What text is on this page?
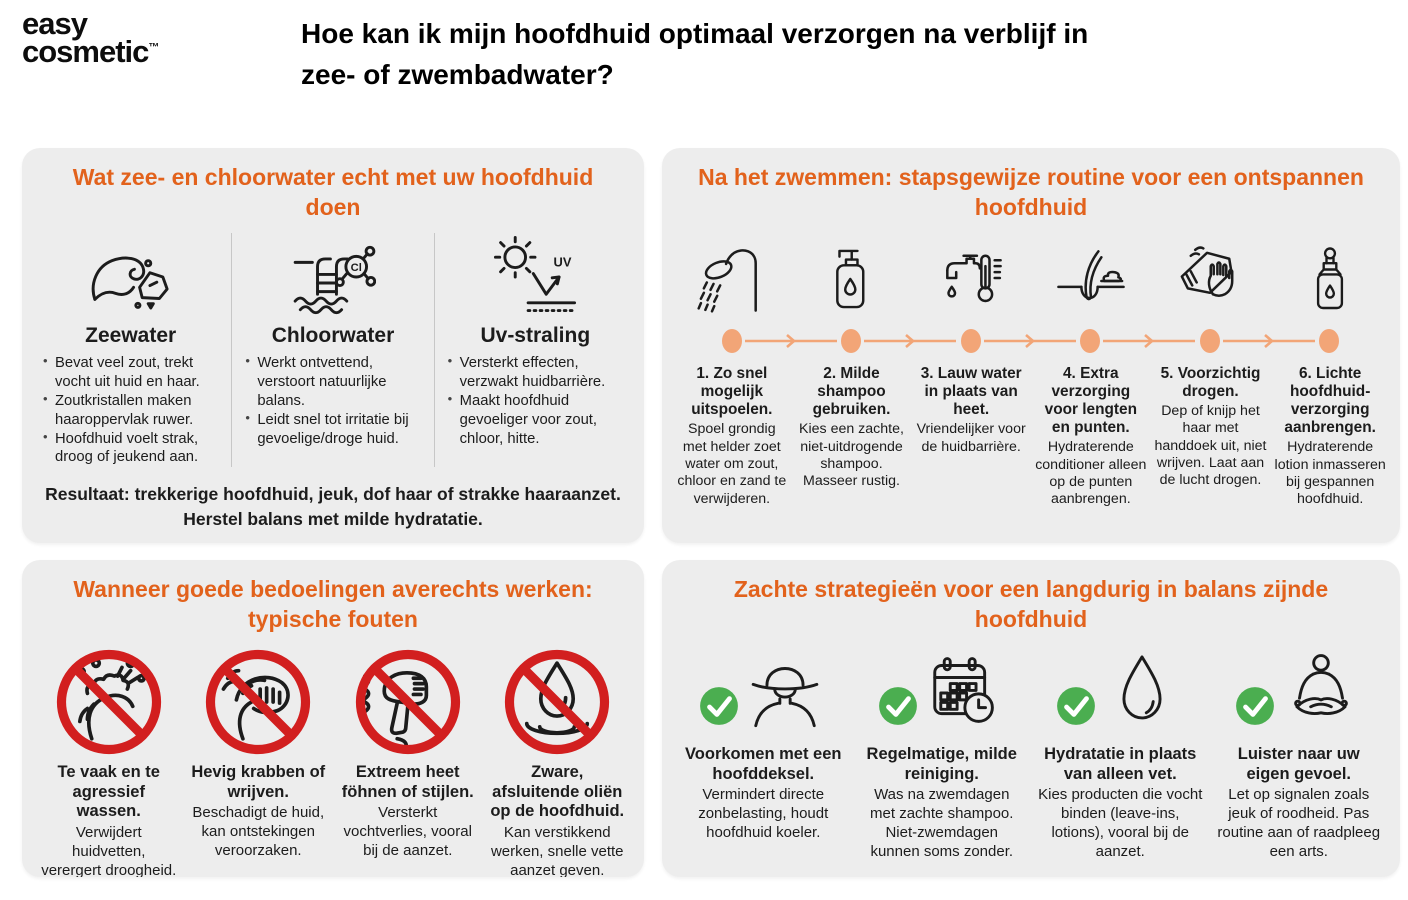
easy
cosmetic™	Hoe kan ik mijn hoofdhuid optimaal verzorgen na verblijf in
zee- of zwembadwater?
Wat zee- en chloorwater echt met uw hoofdhuid doen
Zeewater
• Bevat veel zout, trekt vocht uit huid en haar.
• Zoutkristallen maken haaroppervlak ruwer.
• Hoofdhuid voelt strak, droog of jeukend aan.
Cl
Chloorwater
• Werkt ontvettend, verstoort natuurlijke balans.
• Leidt snel tot irritatie bij gevoelige/droge huid.
UV
Uv-straling
• Versterkt effecten, verzwakt huidbarrière.
• Maakt hoofdhuid gevoeliger voor zout, chloor, hitte.
Resultaat: trekkerige hoofdhuid, jeuk, dof haar of strakke haaraanzet.
Herstel balans met milde hydratatie.
Na het zwemmen: stapsgewijze routine voor een ontspannen hoofdhuid
1. Zo snel mogelijk uitspoelen.
Spoel grondig met helder zoet water om zout, chloor en zand te verwijderen.
2. Milde shampoo gebruiken.
Kies een zachte, niet-uitdrogende shampoo. Masseer rustig.
3. Lauw water in plaats van heet.
Vriendelijker voor de huidbarrière.
4. Extra verzorging voor lengten en punten.
Hydraterende conditioner alleen op de punten aanbrengen.
5. Voorzichtig drogen.
Dep of knijp het haar met handdoek uit, niet wrijven. Laat aan de lucht drogen.
6. Lichte hoofdhuid-verzorging aanbrengen.
Hydraterende lotion inmasseren bij gespannen hoofdhuid.
Wanneer goede bedoelingen averechts werken: typische fouten
Te vaak en te agressief wassen.
Verwijdert huidvetten, verergert droogheid.
Hevig krabben of wrijven.
Beschadigt de huid, kan ontstekingen veroorzaken.
Extreem heet föhnen of stijlen.
Versterkt vochtverlies, vooral bij de aanzet.
Zware, afsluitende oliën op de hoofdhuid.
Kan verstikkend werken, snelle vette aanzet geven.
Zachte strategieën voor een langdurig in balans zijnde hoofdhuid
Voorkomen met een hoofddeksel.
Vermindert directe zonbelasting, houdt hoofdhuid koeler.
Regelmatige, milde reiniging.
Was na zwemdagen met zachte shampoo. Niet-zwemdagen kunnen soms zonder.
Hydratatie in plaats van alleen vet.
Kies producten die vocht binden (leave-ins, lotions), vooral bij de aanzet.
Luister naar uw eigen gevoel.
Let op signalen zoals jeuk of roodheid. Pas routine aan of raadpleeg een arts.
